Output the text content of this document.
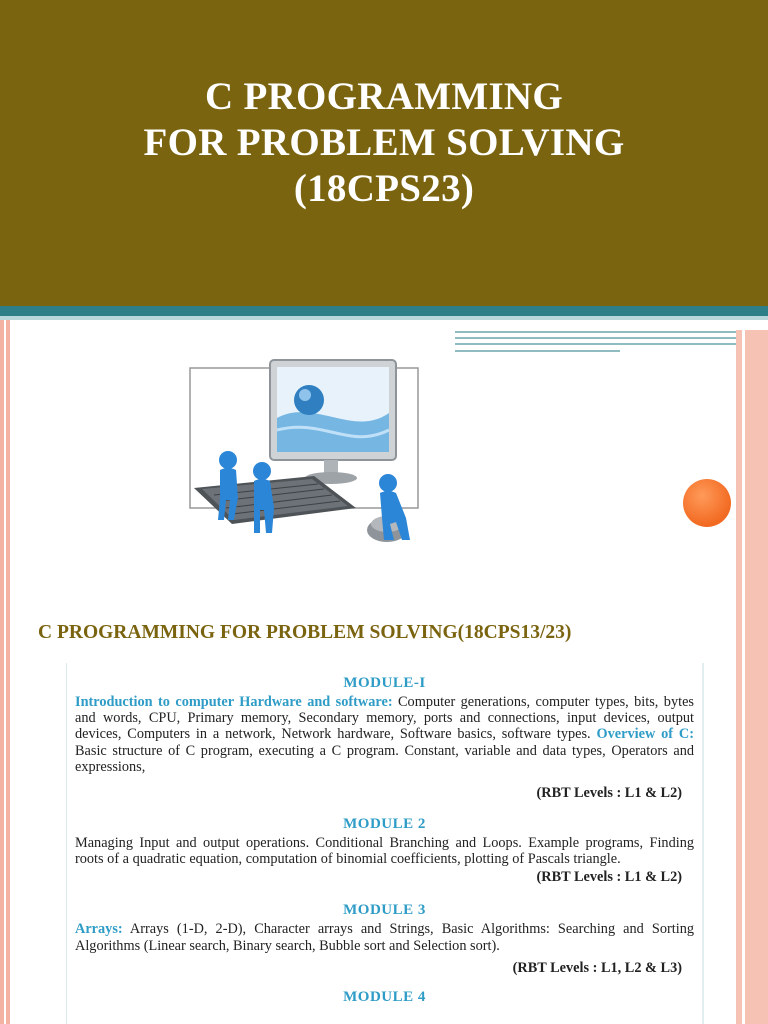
C PROGRAMMING
FOR PROBLEM SOLVING
(18CPS23)
C PROGRAMMING FOR PROBLEM SOLVING(18CPS13/23)
MODULE-I
Introduction to computer Hardware and software: Computer generations, computer types, bits, bytes and words, CPU, Primary memory, Secondary memory, ports and connections, input devices, output devices, Computers in a network, Network hardware, Software basics, software types. Overview of C: Basic structure of C program, executing a C program. Constant, variable and data types, Operators and expressions,
(RBT Levels : L1 & L2)
MODULE 2
Managing Input and output operations. Conditional Branching and Loops. Example programs, Finding roots of a quadratic equation, computation of binomial coefficients, plotting of Pascals triangle.
(RBT Levels : L1 & L2)
MODULE 3
Arrays: Arrays (1-D, 2-D), Character arrays and Strings, Basic Algorithms: Searching and Sorting Algorithms (Linear search, Binary search, Bubble sort and Selection sort).
(RBT Levels : L1, L2 & L3)
MODULE 4
